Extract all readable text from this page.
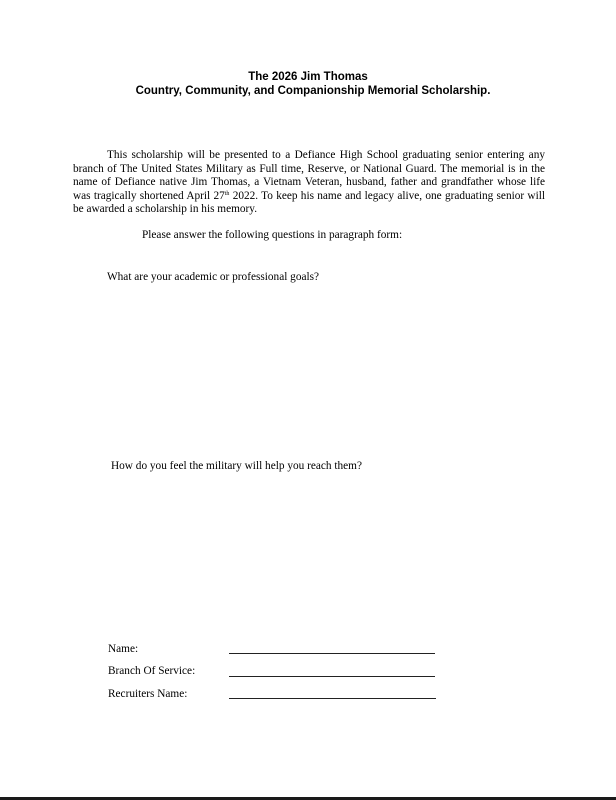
The 2026 Jim Thomas

Country, Community, and Companionship Memorial Scholarship.

This scholarship will be presented to a Defiance High School graduating senior entering any branch of The United States Military as Full time, Reserve, or National Guard. The memorial is in the name of Defiance native Jim Thomas, a Vietnam Veteran, husband, father and grandfather whose life was tragically shortened April 27th 2022. To keep his name and legacy alive, one graduating senior will be awarded a scholarship in his memory.

Please answer the following questions in paragraph form:

What are your academic or professional goals?

How do you feel the military will help you reach them?

Name:
Branch Of Service:
Recruiters Name:
